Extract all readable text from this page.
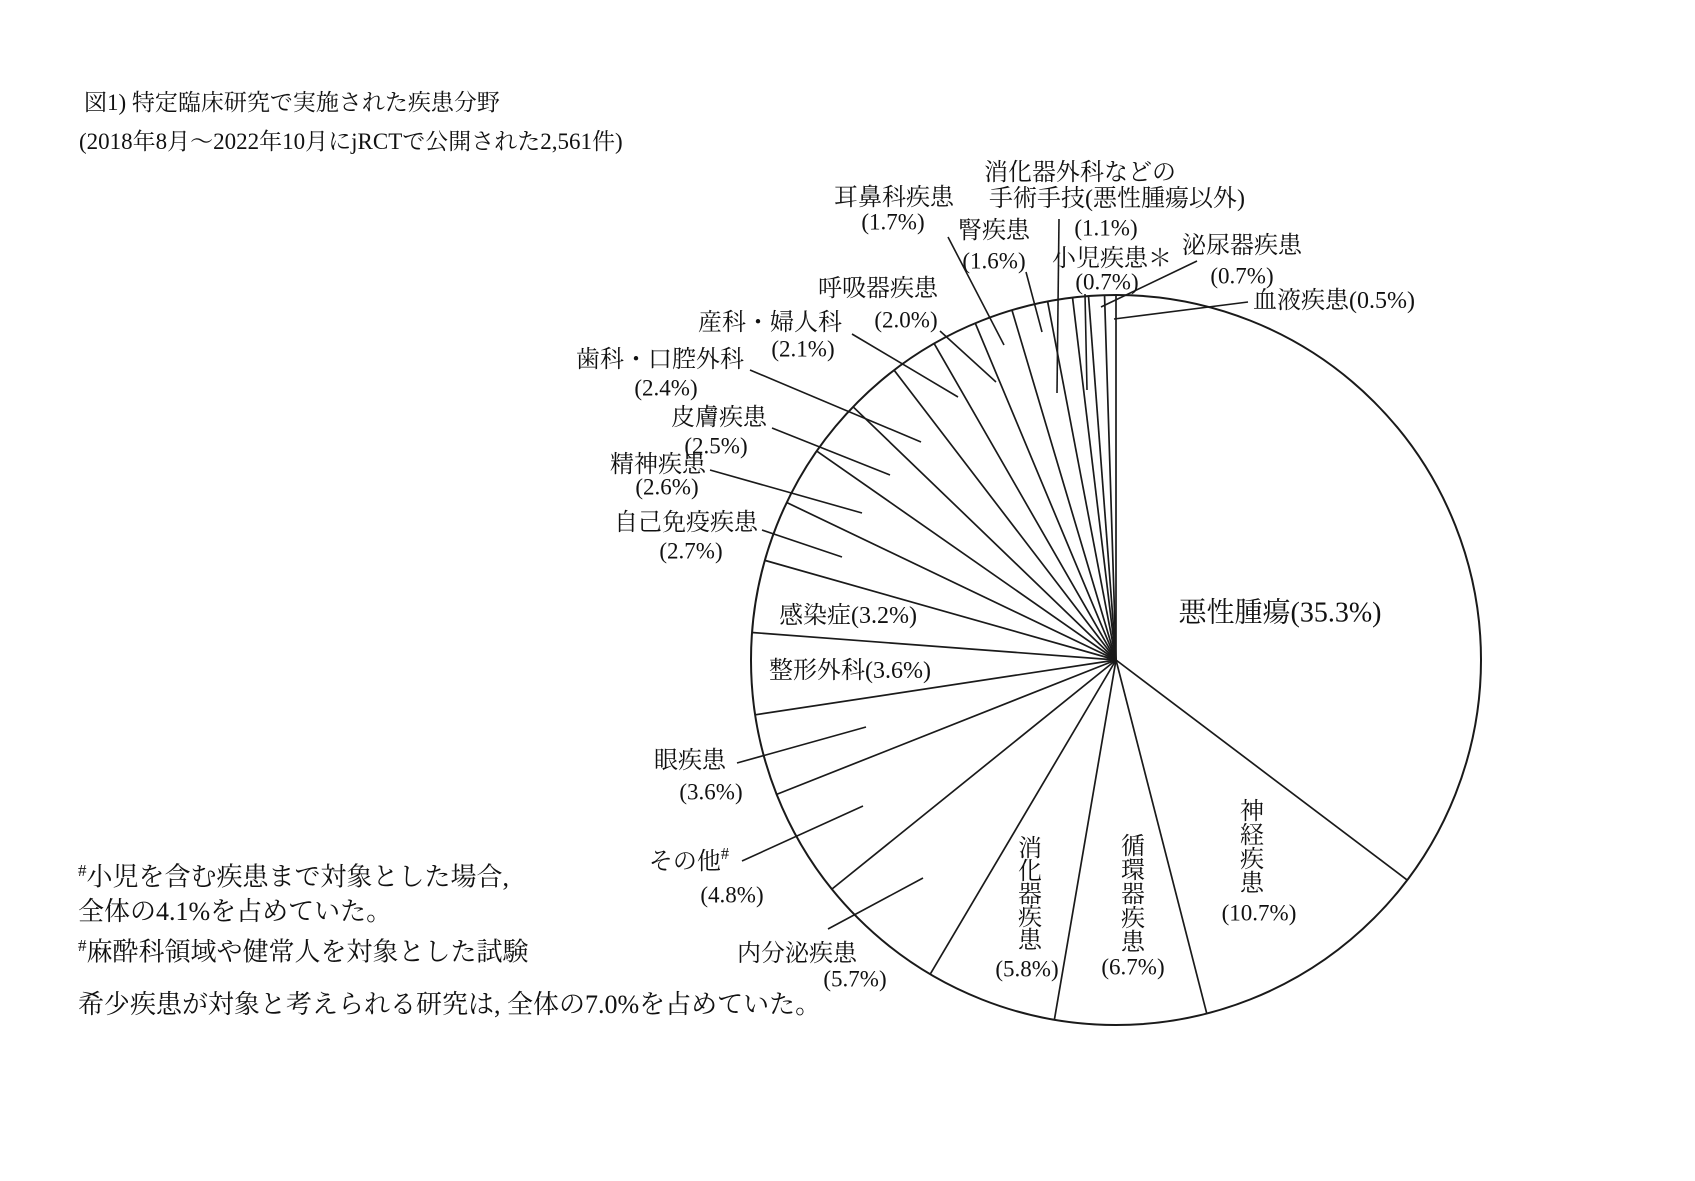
図1) 特定臨床研究で実施された疾患分野
(2018年8月～2022年10月にjRCTで公開された2,561件)
悪性腫瘍(35.3%)
神
経
疾
患
(10.7%)
循
環
器
疾
患
(6.7%)
消
化
器
疾
患
(5.8%)
内分泌疾患
(5.7%)
その他#
(4.8%)
眼疾患
(3.6%)
整形外科(3.6%)
感染症(3.2%)
自己免疫疾患
(2.7%)
精神疾患
(2.6%)
皮膚疾患
(2.5%)
歯科・口腔外科
(2.4%)
産科・婦人科
(2.1%)
呼吸器疾患
(2.0%)
耳鼻科疾患
(1.7%) 腎疾患
(1.6%)
消化器外科などの
手術手技(悪性腫瘍以外)
(1.1%)
小児疾患＊
(0.7%)
泌尿器疾患
(0.7%)
血液疾患(0.5%)
#小児を含む疾患まで対象とした場合,
全体の4.1%を占めていた。
#麻酔科領域や健常人を対象とした試験
希少疾患が対象と考えられる研究は, 全体の7.0%を占めていた。
